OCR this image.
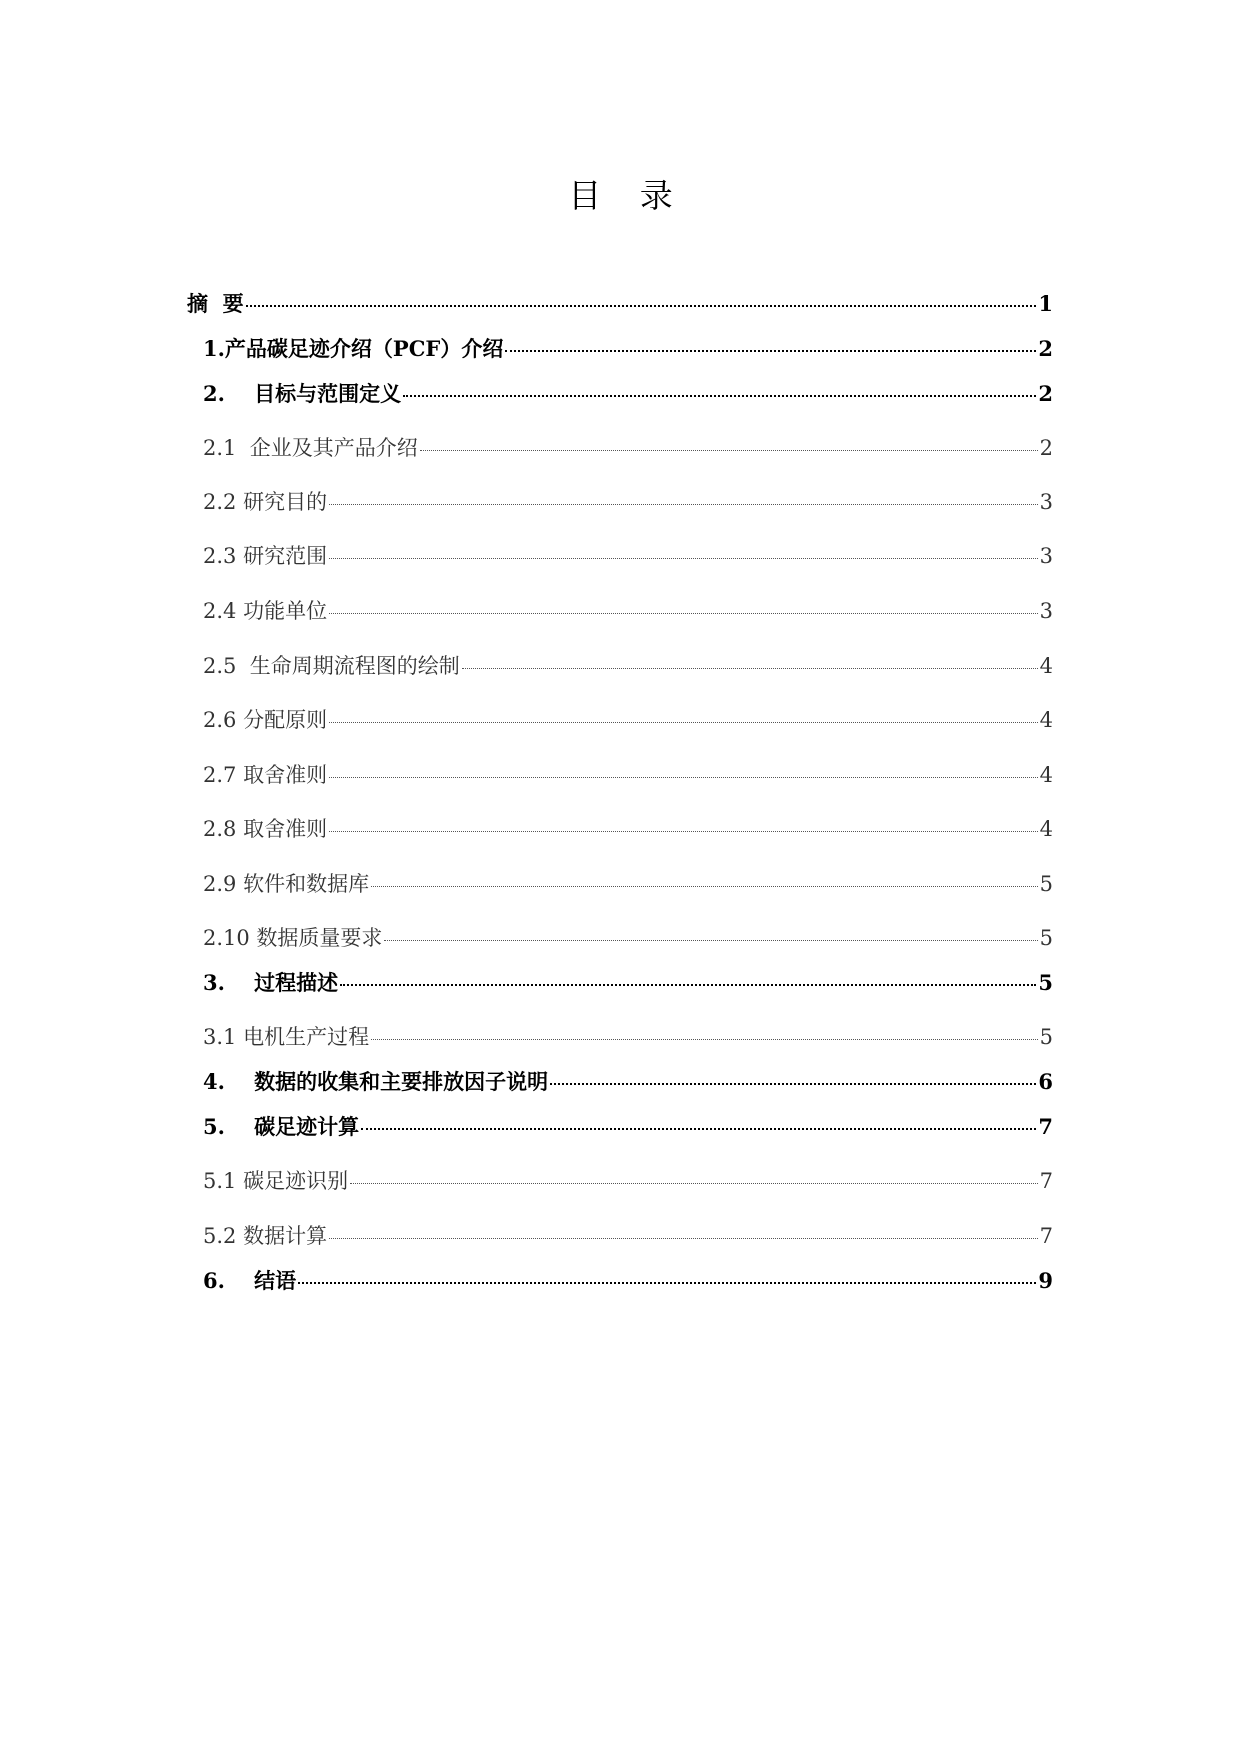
目 录
摘  要	1
1.产品碳足迹介绍（PCF）介绍	2
2.    目标与范围定义	2
2.1  企业及其产品介绍	2
2.2 研究目的	3
2.3 研究范围	3
2.4 功能单位	3
2.5  生命周期流程图的绘制	4
2.6 分配原则	4
2.7 取舍准则	4
2.8 取舍准则	4
2.9 软件和数据库	5
2.10 数据质量要求	5
3.    过程描述	5
3.1 电机生产过程	5
4.    数据的收集和主要排放因子说明	6
5.    碳足迹计算	7
5.1 碳足迹识别	7
5.2 数据计算	7
6.    结语	9
